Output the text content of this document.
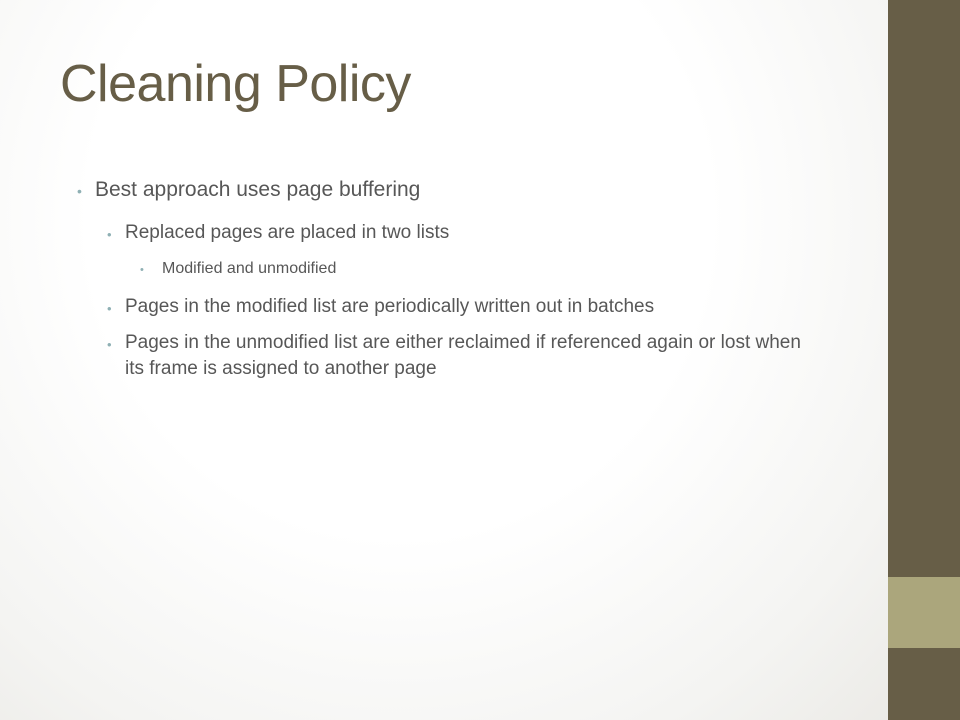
Cleaning Policy
• Best approach uses page buffering
• Replaced pages are placed in two lists
• Modified and unmodified
• Pages in the modified list are periodically written out in batches
• Pages in the unmodified list are either reclaimed if referenced again or lost when its frame is assigned to another page
